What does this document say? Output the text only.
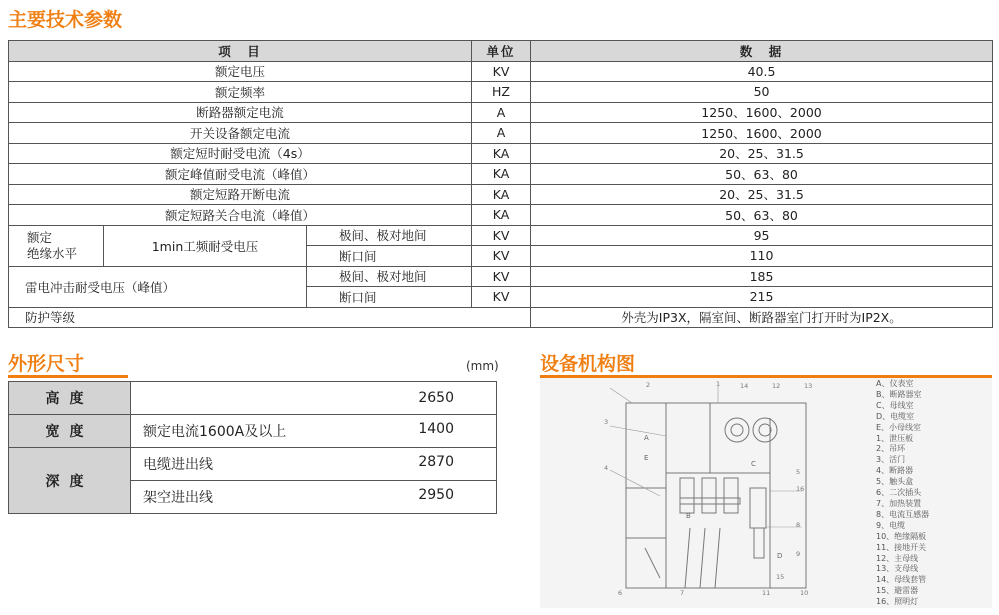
主要技术参数
项　目			单位	数　据
额定电压			KV	40.5
额定频率			HZ	50
断路器额定电流			A	1250、1600、2000
开关设备额定电流			A	1250、1600、2000
额定短时耐受电流（4s）			KA	20、25、31.5
额定峰值耐受电流（峰值）			KA	50、63、80
额定短路开断电流			KA	20、25、31.5
额定短路关合电流（峰值）			KA	50、63、80
额定
绝缘水平	1min工频耐受电压	极间、极对地间	KV	95
		断口间	KV	110
雷电冲击耐受电压（峰值）		极间、极对地间	KV	185
		断口间	KV	215
防护等级				外壳为IP3X，隔室间、断路器室门打开时为IP2X。
外形尺寸	(mm)
高度	2650
宽度	额定电流1600A及以上 1400

深度	电缆进出线 2870

	架空进出线 2950
设备机构图
A
B
C
D
E
1
2
3
4	5
6	7
8
9
10
11
12	13
14
15
16
A、仪表室
B、断路器室
C、母线室
D、电缆室
E、小母线室
1、泄压板
2、吊环
3、活门
4、断路器
5、触头盒
6、二次插头
7、加热装置
8、电流互感器
9、电缆
10、绝缘隔板
11、接地开关
12、主母线
13、支母线
14、母线套管
15、避雷器
16、照明灯
